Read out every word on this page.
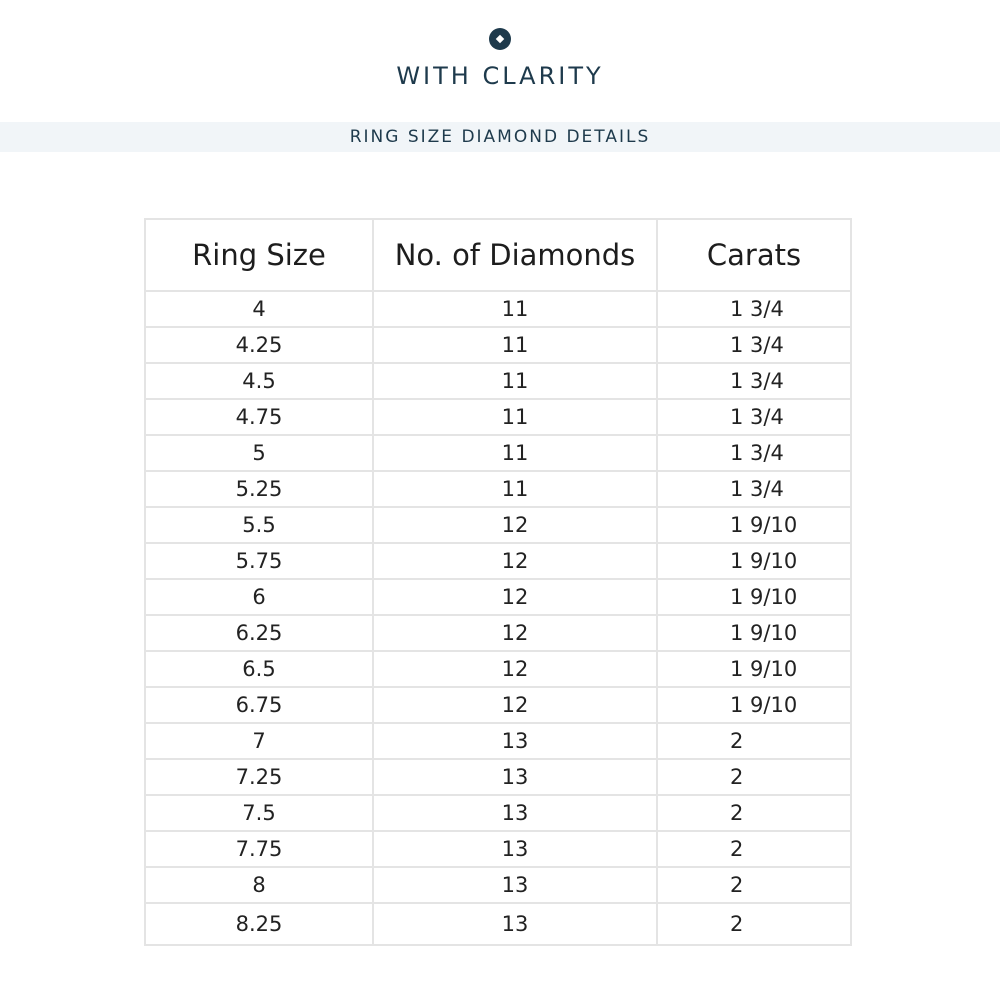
WITH CLARITY
RING SIZE DIAMOND DETAILS
Ring Size	No. of Diamonds	Carats
4	11	1 3/4
4.25	11	1 3/4
4.5	11	1 3/4
4.75	11	1 3/4
5	11	1 3/4
5.25	11	1 3/4
5.5	12	1 9/10
5.75	12	1 9/10
6	12	1 9/10
6.25	12	1 9/10
6.5	12	1 9/10
6.75	12	1 9/10
7	13	2
7.25	13	2
7.5	13	2
7.75	13	2
8	13	2
8.25	13	2
